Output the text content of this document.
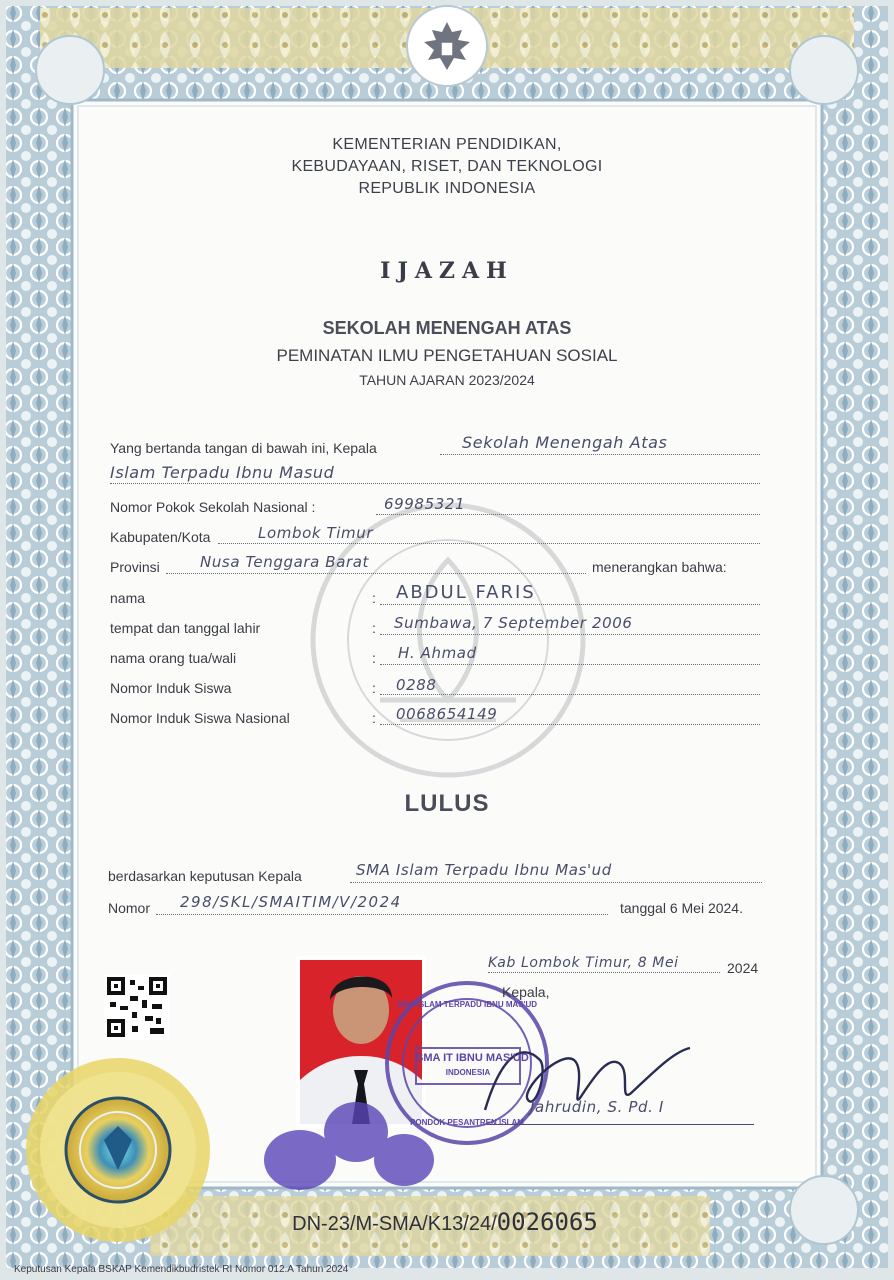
KEMENTERIAN PENDIDIKAN,
KEBUDAYAAN, RISET, DAN TEKNOLOGI
REPUBLIK INDONESIA
IJAZAH
SEKOLAH MENENGAH ATAS
PEMINATAN ILMU PENGETAHUAN SOSIAL
TAHUN AJARAN 2023/2024
Yang bertanda tangan di bawah ini, Kepala	Sekolah Menengah Atas
Islam Terpadu Ibnu Masud
Nomor Pokok Sekolah Nasional :	69985321
Kabupaten/Kota	Lombok Timur
Provinsi	Nusa Tenggara Barat	menerangkan bahwa:
nama	: ABDUL FARIS
tempat dan tanggal lahir	: Sumbawa, 7 September 2006
nama orang tua/wali	: H. Ahmad
Nomor Induk Siswa	: 0288
Nomor Induk Siswa Nasional	: 0068654149
LULUS
berdasarkan keputusan Kepala	SMA Islam Terpadu Ibnu Mas'ud
Nomor 298/SKL/SMAITIM/V/2024	tanggal 6 Mei 2024.
Kab Lombok Timur, 8 Mei	2024
Kepala,
Jahrudin, S. Pd. I
SMA IT IBNU MAS'UD
INDONESIA
SMA ISLAM TERPADU IBNU MAS'UD
PONDOK PESANTREN ISLAM
DN-23/M-SMA/K13/24/0026065
Keputusan Kepala BSKAP Kemendikbudristek RI Nomor 012.A Tahun 2024
